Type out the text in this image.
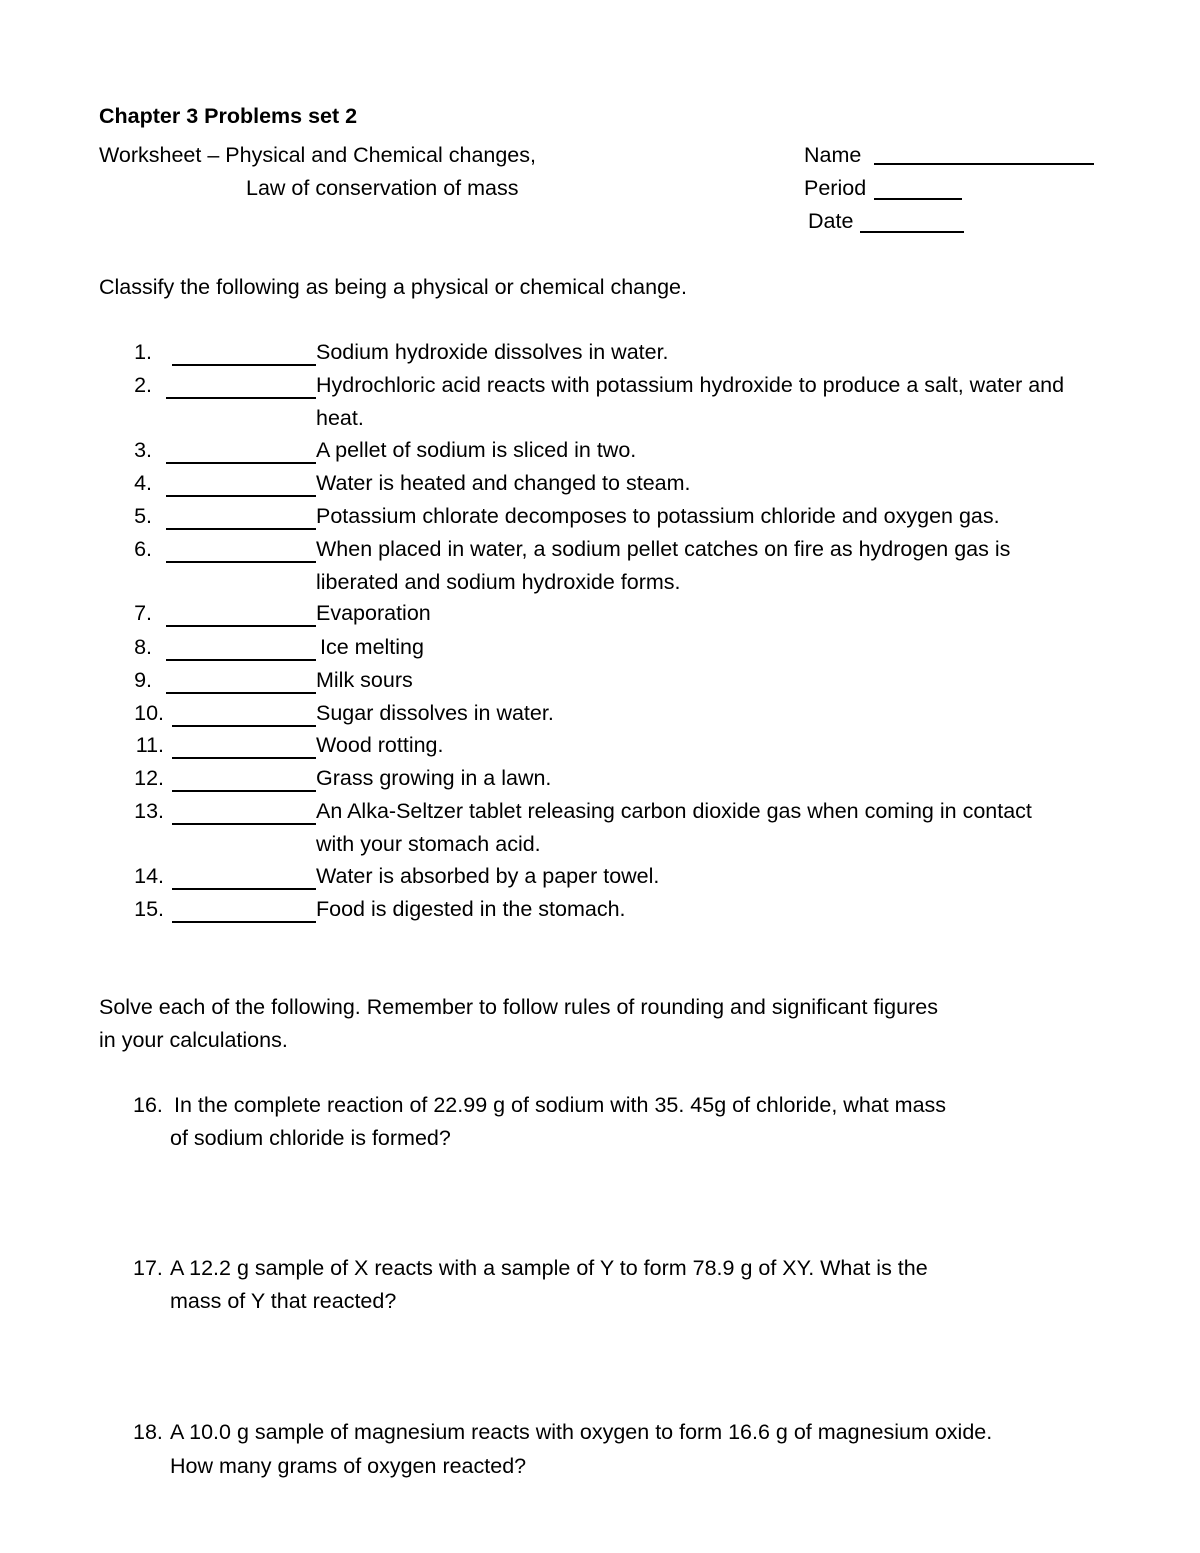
Chapter 3 Problems set 2
Worksheet – Physical and Chemical changes,
Law of conservation of mass
Name
Period
Date
Classify the following as being a physical or chemical change.
1.	Sodium hydroxide dissolves in water.
2.	Hydrochloric acid reacts with potassium hydroxide to produce a salt, water and heat.
3.	A pellet of sodium is sliced in two.
4.	Water is heated and changed to steam.
5.	Potassium chlorate decomposes to potassium chloride and oxygen gas.
6.	When placed in water, a sodium pellet catches on fire as hydrogen gas is liberated and sodium hydroxide forms.
7.	Evaporation
8.	Ice melting
9.	Milk sours
10.	Sugar dissolves in water.
11.	Wood rotting.
12.	Grass growing in a lawn.
13.	An Alka-Seltzer tablet releasing carbon dioxide gas when coming in contact with your stomach acid.
14.	Water is absorbed by a paper towel.
15.	Food is digested in the stomach.
Solve each of the following. Remember to follow rules of rounding and significant figures
in your calculations.
16. In the complete reaction of 22.99 g of sodium with 35. 45g of chloride, what mass
of sodium chloride is formed?
17. A 12.2 g sample of X reacts with a sample of Y to form 78.9 g of XY. What is the
mass of Y that reacted?
18. A 10.0 g sample of magnesium reacts with oxygen to form 16.6 g of magnesium oxide.
How many grams of oxygen reacted?
